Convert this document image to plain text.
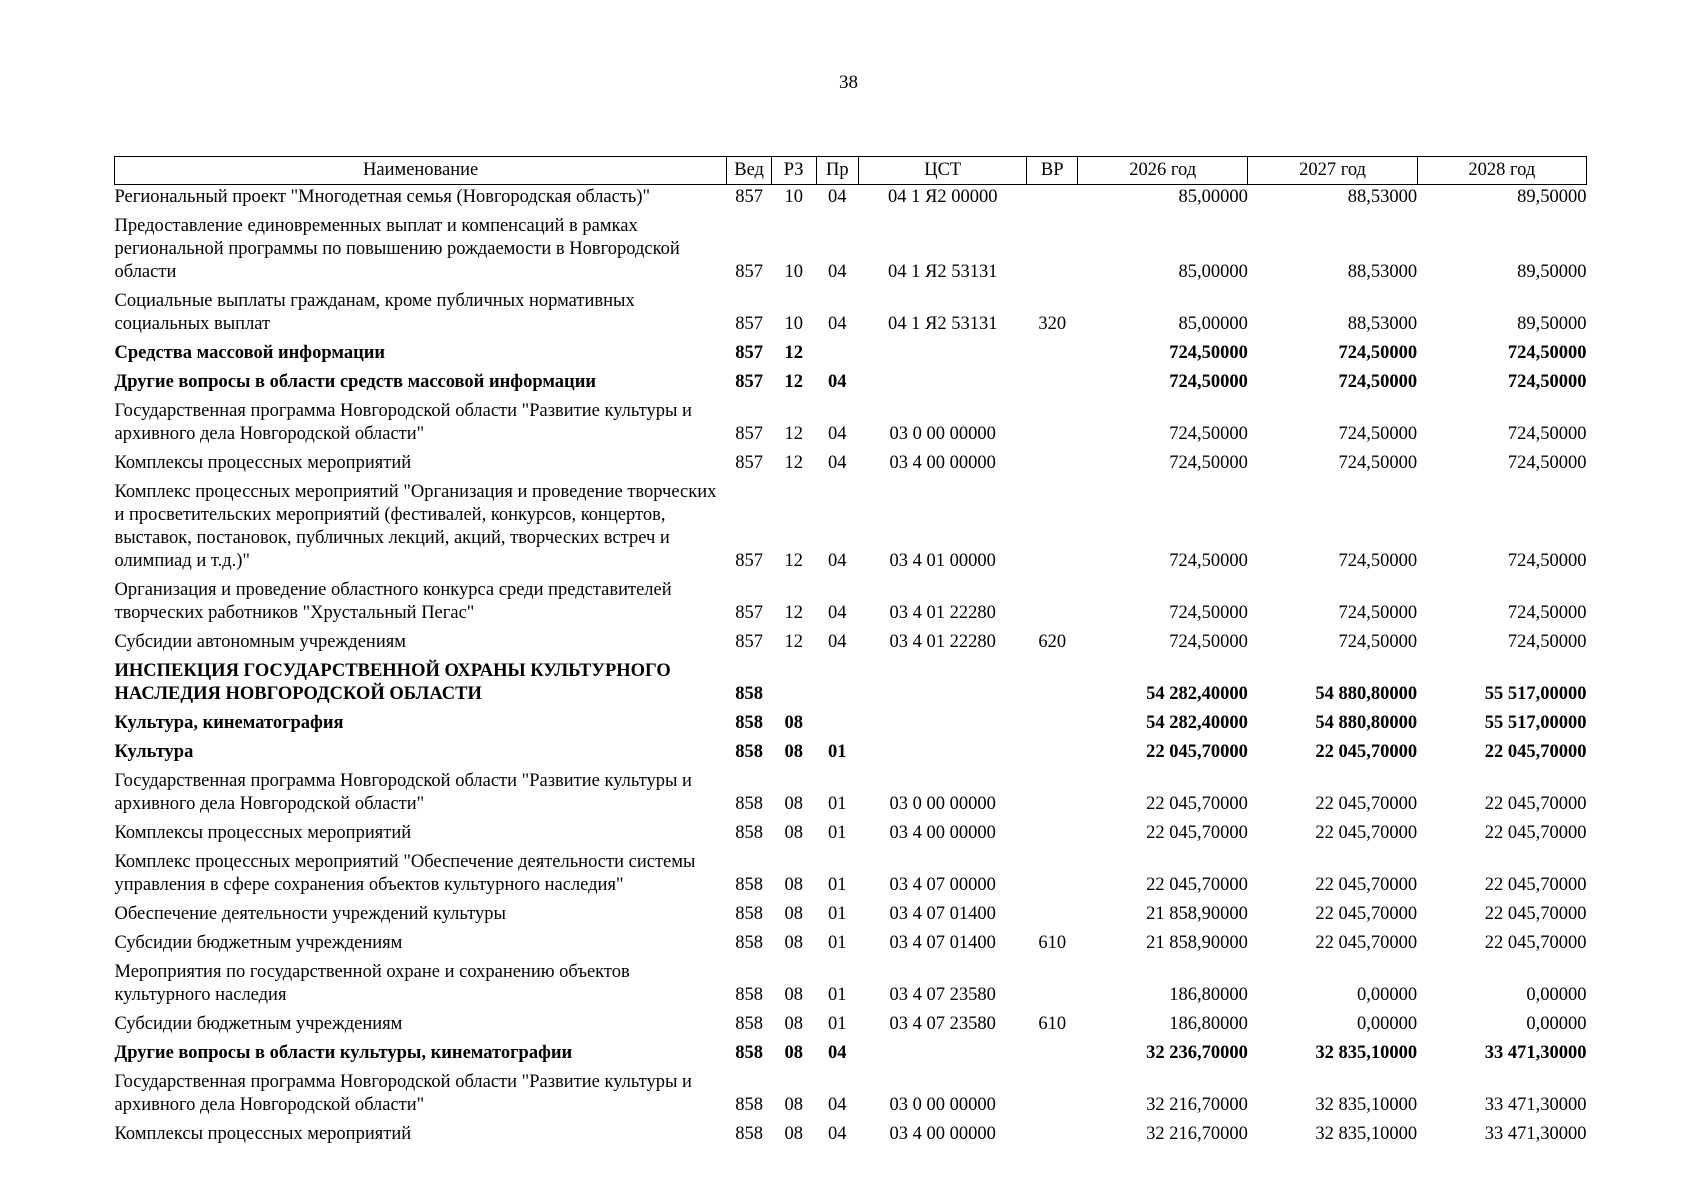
38
Наименование	Вед	РЗ	Пр	ЦСТ	ВР	2026 год	2027 год	2028 год
Региональный проект "Многодетная семья (Новгородская область)"	857	10	04	04 1 Я2 00000		85,00000	88,53000	89,50000
Предоставление единовременных выплат и компенсаций в рамках региональной программы по повышению рождаемости в Новгородской области	857	10	04	04 1 Я2 53131		85,00000	88,53000	89,50000
Социальные выплаты гражданам, кроме публичных нормативных социальных выплат	857	10	04	04 1 Я2 53131	320	85,00000	88,53000	89,50000
Средства массовой информации	857	12				724,50000	724,50000	724,50000
Другие вопросы в области средств массовой информации	857	12	04			724,50000	724,50000	724,50000
Государственная программа Новгородской области "Развитие культуры и архивного дела Новгородской области"	857	12	04	03 0 00 00000		724,50000	724,50000	724,50000
Комплексы процессных мероприятий	857	12	04	03 4 00 00000		724,50000	724,50000	724,50000
Комплекс процессных мероприятий "Организация и проведение творческих и просветительских мероприятий (фестивалей, конкурсов, концертов, выставок, постановок, публичных лекций, акций, творческих встреч и олимпиад и т.д.)"	857	12	04	03 4 01 00000		724,50000	724,50000	724,50000
Организация и проведение областного конкурса среди представителей творческих работников "Хрустальный Пегас"	857	12	04	03 4 01 22280		724,50000	724,50000	724,50000
Субсидии автономным учреждениям	857	12	04	03 4 01 22280	620	724,50000	724,50000	724,50000
ИНСПЕКЦИЯ ГОСУДАРСТВЕННОЙ ОХРАНЫ КУЛЬТУРНОГО НАСЛЕДИЯ НОВГОРОДСКОЙ ОБЛАСТИ	858					54 282,40000	54 880,80000	55 517,00000
Культура, кинематография	858	08				54 282,40000	54 880,80000	55 517,00000
Культура	858	08	01			22 045,70000	22 045,70000	22 045,70000
Государственная программа Новгородской области "Развитие культуры и архивного дела Новгородской области"	858	08	01	03 0 00 00000		22 045,70000	22 045,70000	22 045,70000
Комплексы процессных мероприятий	858	08	01	03 4 00 00000		22 045,70000	22 045,70000	22 045,70000
Комплекс процессных мероприятий "Обеспечение деятельности системы управления в сфере сохранения объектов культурного наследия"	858	08	01	03 4 07 00000		22 045,70000	22 045,70000	22 045,70000
Обеспечение деятельности учреждений культуры	858	08	01	03 4 07 01400		21 858,90000	22 045,70000	22 045,70000
Субсидии бюджетным учреждениям	858	08	01	03 4 07 01400	610	21 858,90000	22 045,70000	22 045,70000
Мероприятия по государственной охране и сохранению объектов культурного наследия	858	08	01	03 4 07 23580		186,80000	0,00000	0,00000
Субсидии бюджетным учреждениям	858	08	01	03 4 07 23580	610	186,80000	0,00000	0,00000
Другие вопросы в области культуры, кинематографии	858	08	04			32 236,70000	32 835,10000	33 471,30000
Государственная программа Новгородской области "Развитие культуры и архивного дела Новгородской области"	858	08	04	03 0 00 00000		32 216,70000	32 835,10000	33 471,30000
Комплексы процессных мероприятий	858	08	04	03 4 00 00000		32 216,70000	32 835,10000	33 471,30000
